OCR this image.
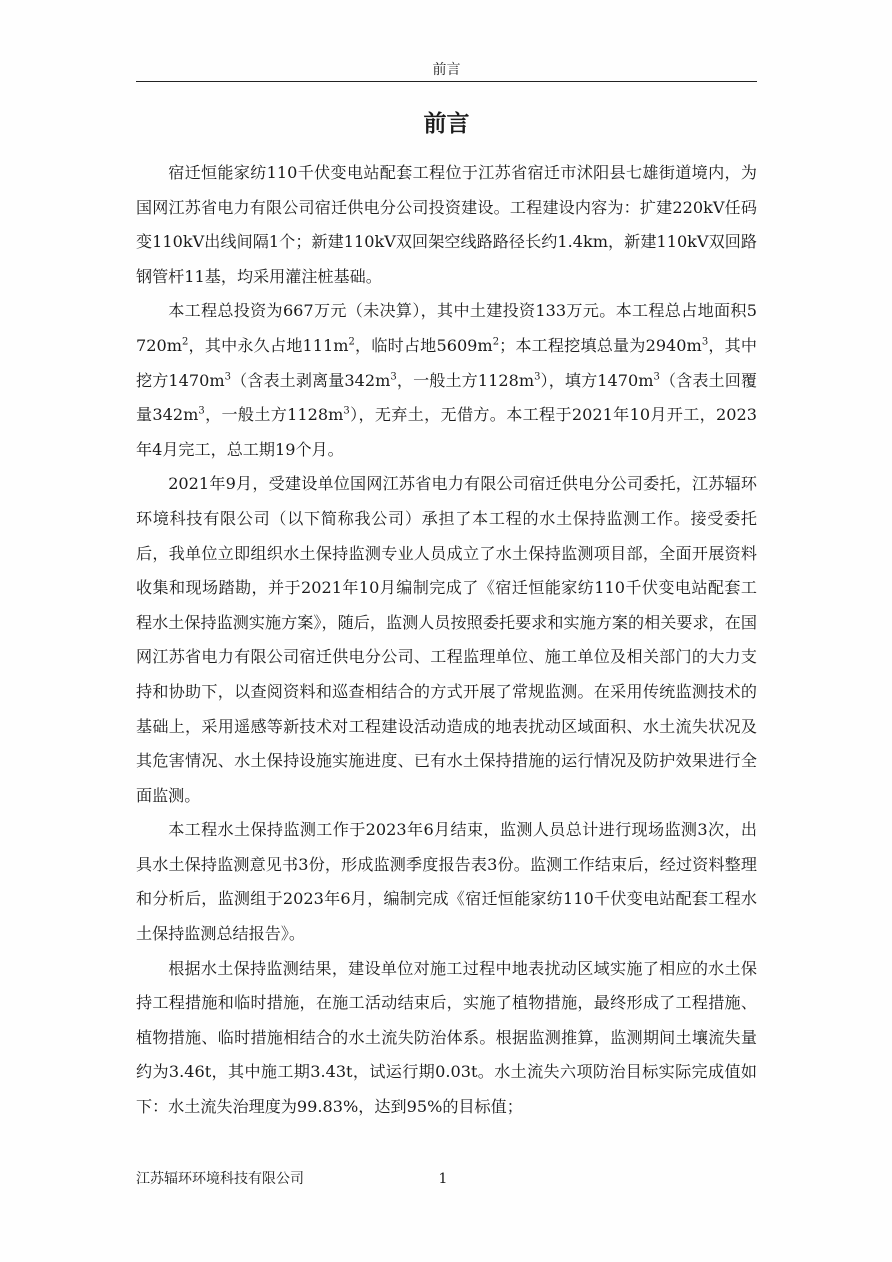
前言
前言

宿迁恒能家纺110千伏变电站配套工程位于江苏省宿迁市沭阳县七雄街道境内，为国网江苏省电力有限公司宿迁供电分公司投资建设。工程建设内容为：扩建220kV任码变110kV出线间隔1个；新建110kV双回架空线路路径长约1.4km，新建110kV双回路钢管杆11基，均采用灌注桩基础。

本工程总投资为667万元（未决算），其中土建投资133万元。本工程总占地面积$5720m^2$，其中永久占地$111m^2$，临时占地$5609m^2$；本工程挖填总量为$2940m^3$，其中挖方$1470m^3$（含表土剥离量$342m^3$，一般土方$1128m^3$），填方$1470m^3$（含表土回覆量$342m^3$，一般土方$1128m^3$），无弃土，无借方。本工程于2021年10月开工，2023年4月完工，总工期19个月。

2021年9月，受建设单位国网江苏省电力有限公司宿迁供电分公司委托，江苏辐环环境科技有限公司（以下简称我公司）承担了本工程的水土保持监测工作。接受委托后，我单位立即组织水土保持监测专业人员成立了水土保持监测项目部，全面开展资料收集和现场踏勘，并于2021年10月编制完成了《宿迁恒能家纺110千伏变电站配套工程水土保持监测实施方案》，随后，监测人员按照委托要求和实施方案的相关要求，在国网江苏省电力有限公司宿迁供电分公司、工程监理单位、施工单位及相关部门的大力支持和协助下，以查阅资料和巡查相结合的方式开展了常规监测。在采用传统监测技术的基础上，采用遥感等新技术对工程建设活动造成的地表扰动区域面积、水土流失状况及其危害情况、水土保持设施实施进度、已有水土保持措施的运行情况及防护效果进行全面监测。

本工程水土保持监测工作于2023年6月结束，监测人员总计进行现场监测3次，出具水土保持监测意见书3份，形成监测季度报告表3份。监测工作结束后，经过资料整理和分析后，监测组于2023年6月，编制完成《宿迁恒能家纺110千伏变电站配套工程水土保持监测总结报告》。

根据水土保持监测结果，建设单位对施工过程中地表扰动区域实施了相应的水土保持工程措施和临时措施，在施工活动结束后，实施了植物措施，最终形成了工程措施、植物措施、临时措施相结合的水土流失防治体系。根据监测推算，监测期间土壤流失量约为3.46t，其中施工期3.43t，试运行期0.03t。水土流失六项防治目标实际完成值如下：水土流失治理度为99.83%，达到95%的目标值；

江苏辐环环境科技有限公司	1
